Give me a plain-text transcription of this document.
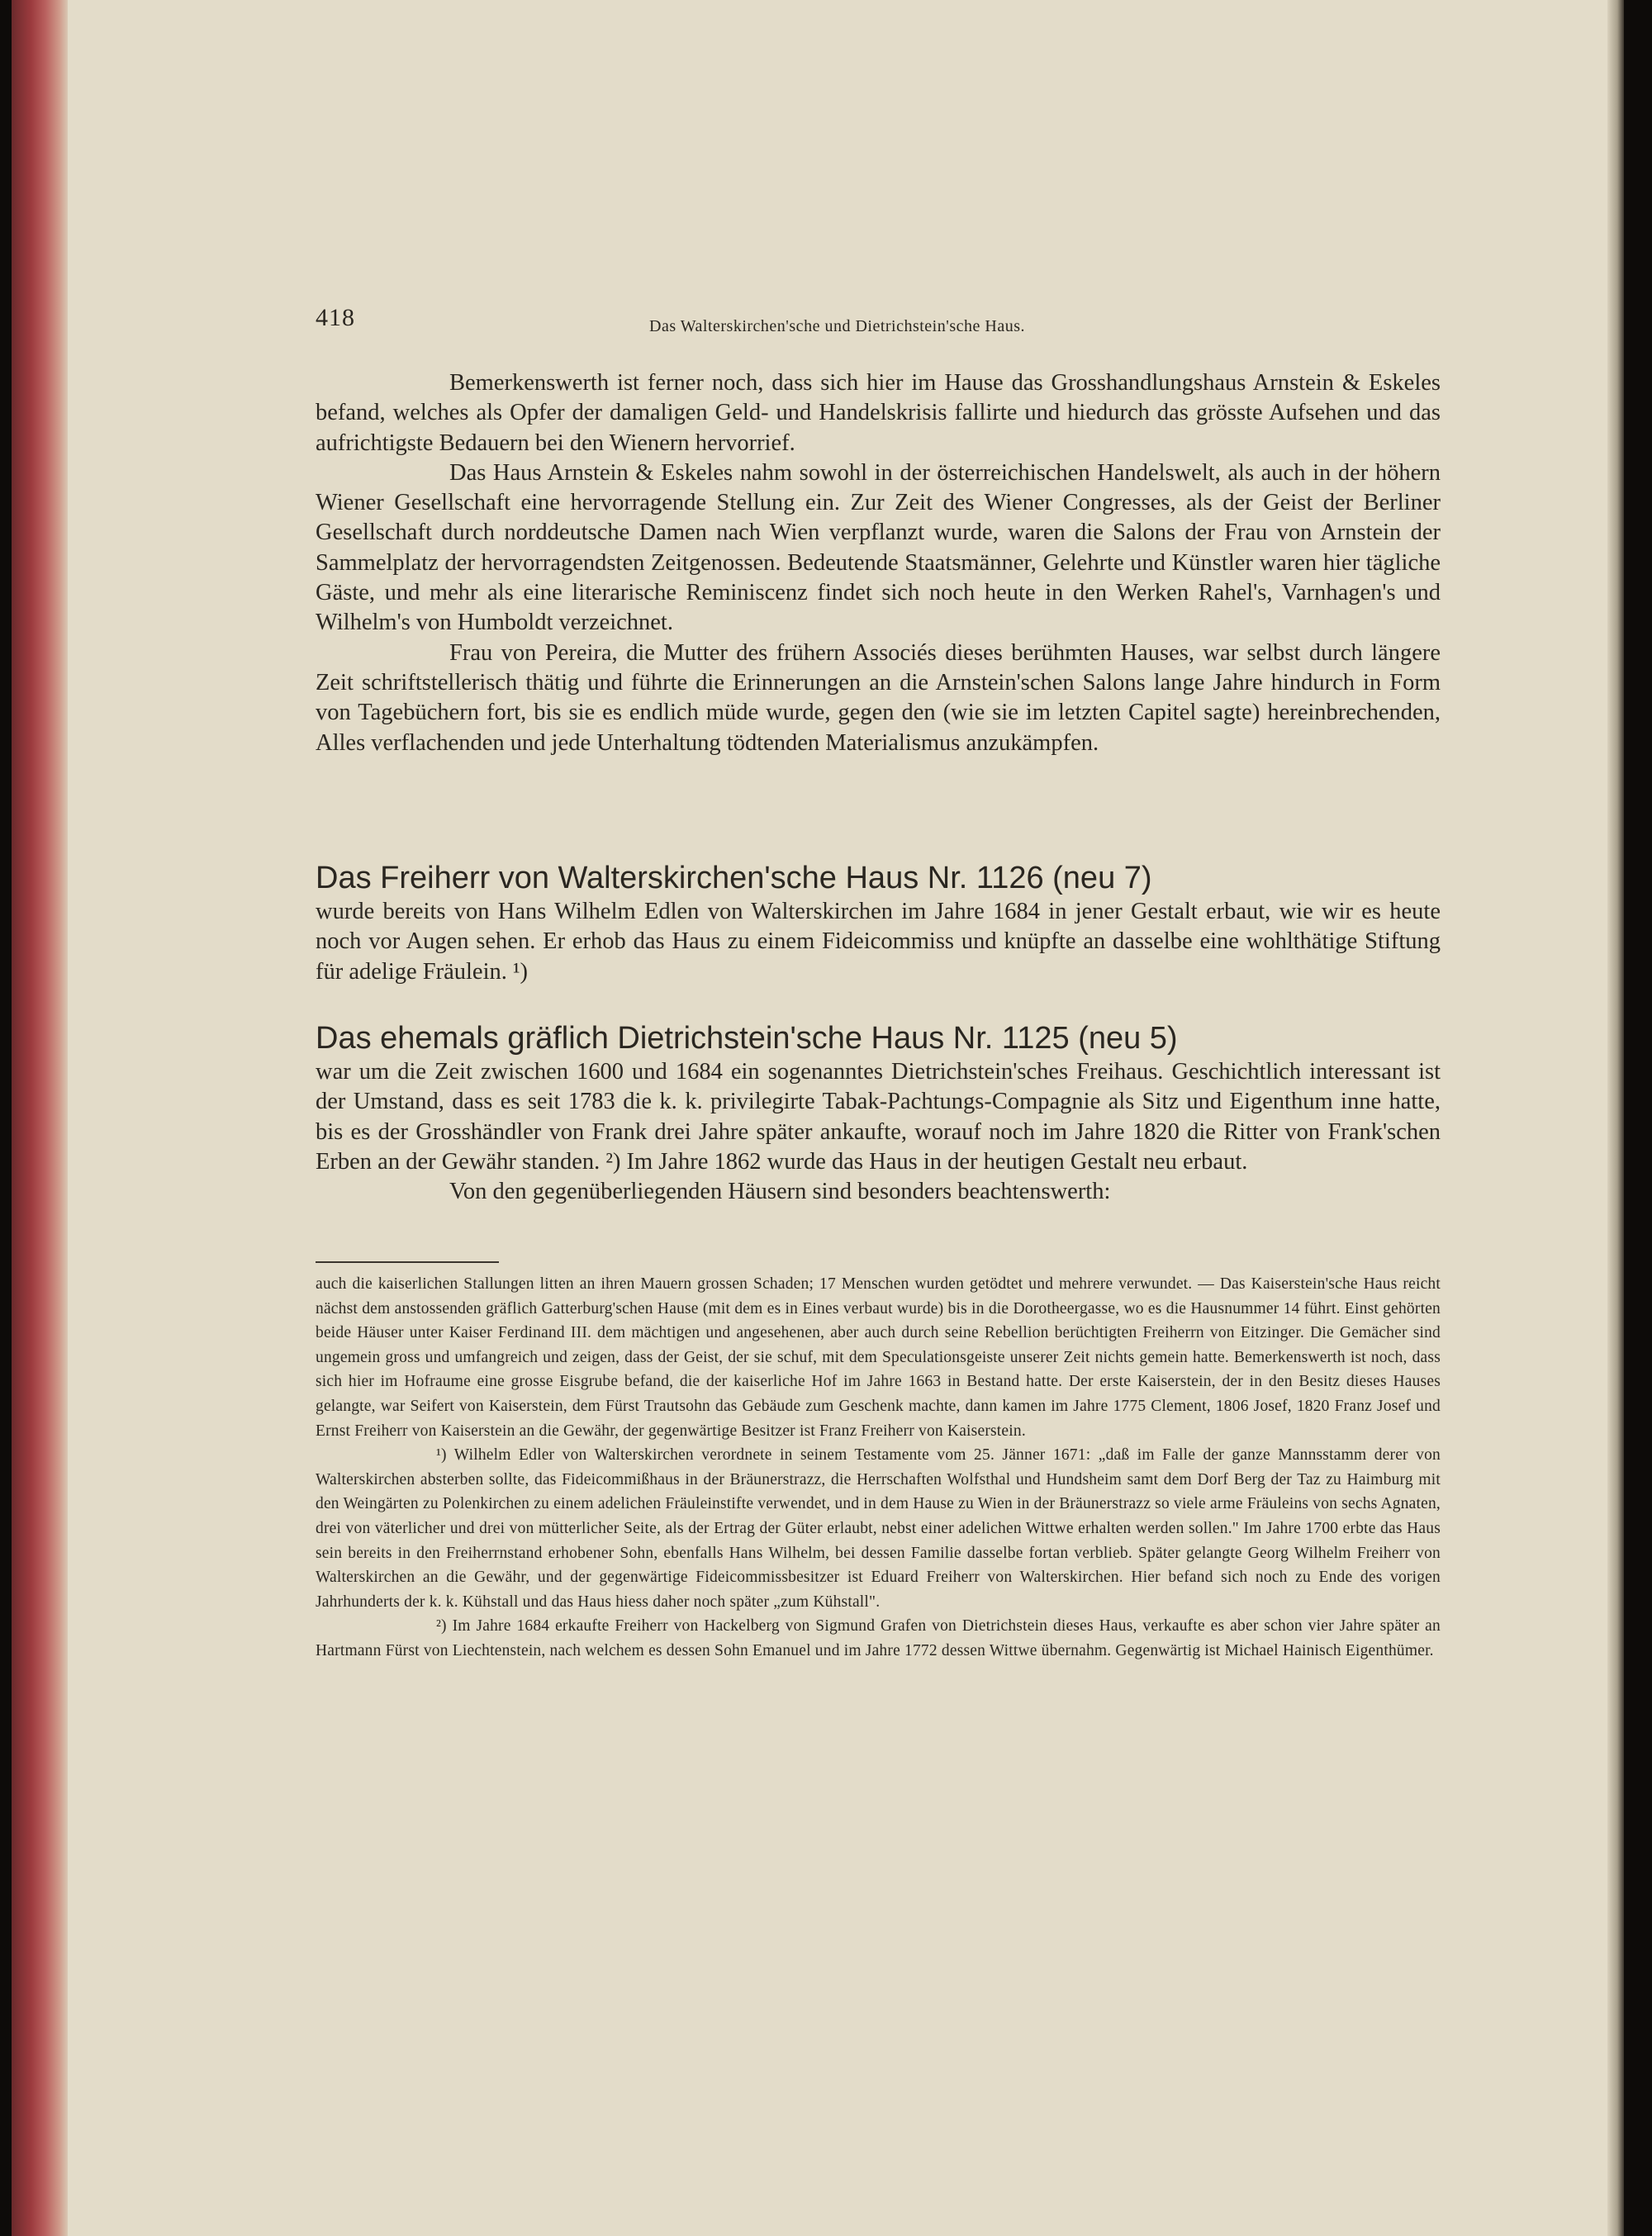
418	Das Walterskirchen'sche und Dietrichstein'sche Haus.

Bemerkenswerth ist ferner noch, dass sich hier im Hause das Grosshandlungshaus Arnstein & Eskeles befand, welches als Opfer der damaligen Geld- und Handelskrisis fallirte und hiedurch das grösste Aufsehen und das aufrichtigste Bedauern bei den Wienern hervorrief.

Das Haus Arnstein & Eskeles nahm sowohl in der österreichischen Handelswelt, als auch in der höhern Wiener Gesellschaft eine hervorragende Stellung ein. Zur Zeit des Wiener Congresses, als der Geist der Berliner Gesellschaft durch norddeutsche Damen nach Wien verpflanzt wurde, waren die Salons der Frau von Arnstein der Sammelplatz der hervorragendsten Zeitgenossen. Bedeutende Staatsmänner, Gelehrte und Künstler waren hier tägliche Gäste, und mehr als eine literarische Reminiscenz findet sich noch heute in den Werken Rahel's, Varnhagen's und Wilhelm's von Humboldt verzeichnet.

Frau von Pereira, die Mutter des frühern Associés dieses berühmten Hauses, war selbst durch längere Zeit schriftstellerisch thätig und führte die Erinnerungen an die Arnstein'schen Salons lange Jahre hindurch in Form von Tagebüchern fort, bis sie es endlich müde wurde, gegen den (wie sie im letzten Capitel sagte) hereinbrechenden, Alles verflachenden und jede Unterhaltung tödtenden Materialismus anzukämpfen.

Das Freiherr von Walterskirchen'sche Haus Nr. 1126 (neu 7)

wurde bereits von Hans Wilhelm Edlen von Walterskirchen im Jahre 1684 in jener Gestalt erbaut, wie wir es heute noch vor Augen sehen. Er erhob das Haus zu einem Fideicommiss und knüpfte an dasselbe eine wohlthätige Stiftung für adelige Fräulein. ¹)

Das ehemals gräflich Dietrichstein'sche Haus Nr. 1125 (neu 5)

war um die Zeit zwischen 1600 und 1684 ein sogenanntes Dietrichstein'sches Freihaus. Geschichtlich interessant ist der Umstand, dass es seit 1783 die k. k. privilegirte Tabak-Pachtungs-Compagnie als Sitz und Eigenthum inne hatte, bis es der Grosshändler von Frank drei Jahre später ankaufte, worauf noch im Jahre 1820 die Ritter von Frank'schen Erben an der Gewähr standen. ²) Im Jahre 1862 wurde das Haus in der heutigen Gestalt neu erbaut.

Von den gegenüberliegenden Häusern sind besonders beachtenswerth:

auch die kaiserlichen Stallungen litten an ihren Mauern grossen Schaden; 17 Menschen wurden getödtet und mehrere verwundet. — Das Kaiserstein'sche Haus reicht nächst dem anstossenden gräflich Gatterburg'schen Hause (mit dem es in Eines verbaut wurde) bis in die Dorotheergasse, wo es die Hausnummer 14 führt. Einst gehörten beide Häuser unter Kaiser Ferdinand III. dem mächtigen und angesehenen, aber auch durch seine Rebellion berüchtigten Freiherrn von Eitzinger. Die Gemächer sind ungemein gross und umfangreich und zeigen, dass der Geist, der sie schuf, mit dem Speculationsgeiste unserer Zeit nichts gemein hatte. Bemerkenswerth ist noch, dass sich hier im Hofraume eine grosse Eisgrube befand, die der kaiserliche Hof im Jahre 1663 in Bestand hatte. Der erste Kaiserstein, der in den Besitz dieses Hauses gelangte, war Seifert von Kaiserstein, dem Fürst Trautsohn das Gebäude zum Geschenk machte, dann kamen im Jahre 1775 Clement, 1806 Josef, 1820 Franz Josef und Ernst Freiherr von Kaiserstein an die Gewähr, der gegenwärtige Besitzer ist Franz Freiherr von Kaiserstein.

¹) Wilhelm Edler von Walterskirchen verordnete in seinem Testamente vom 25. Jänner 1671: „daß im Falle der ganze Mannsstamm derer von Walterskirchen absterben sollte, das Fideicommißhaus in der Bräunerstrazz, die Herrschaften Wolfsthal und Hundsheim samt dem Dorf Berg der Taz zu Haimburg mit den Weingärten zu Polenkirchen zu einem adelichen Fräuleinstifte verwendet, und in dem Hause zu Wien in der Bräunerstrazz so viele arme Fräuleins von sechs Agnaten, drei von väterlicher und drei von mütterlicher Seite, als der Ertrag der Güter erlaubt, nebst einer adelichen Wittwe erhalten werden sollen." Im Jahre 1700 erbte das Haus sein bereits in den Freiherrnstand erhobener Sohn, ebenfalls Hans Wilhelm, bei dessen Familie dasselbe fortan verblieb. Später gelangte Georg Wilhelm Freiherr von Walterskirchen an die Gewähr, und der gegenwärtige Fideicommissbesitzer ist Eduard Freiherr von Walterskirchen. Hier befand sich noch zu Ende des vorigen Jahrhunderts der k. k. Kühstall und das Haus hiess daher noch später „zum Kühstall".

²) Im Jahre 1684 erkaufte Freiherr von Hackelberg von Sigmund Grafen von Dietrichstein dieses Haus, verkaufte es aber schon vier Jahre später an Hartmann Fürst von Liechtenstein, nach welchem es dessen Sohn Emanuel und im Jahre 1772 dessen Wittwe übernahm. Gegenwärtig ist Michael Hainisch Eigenthümer.
